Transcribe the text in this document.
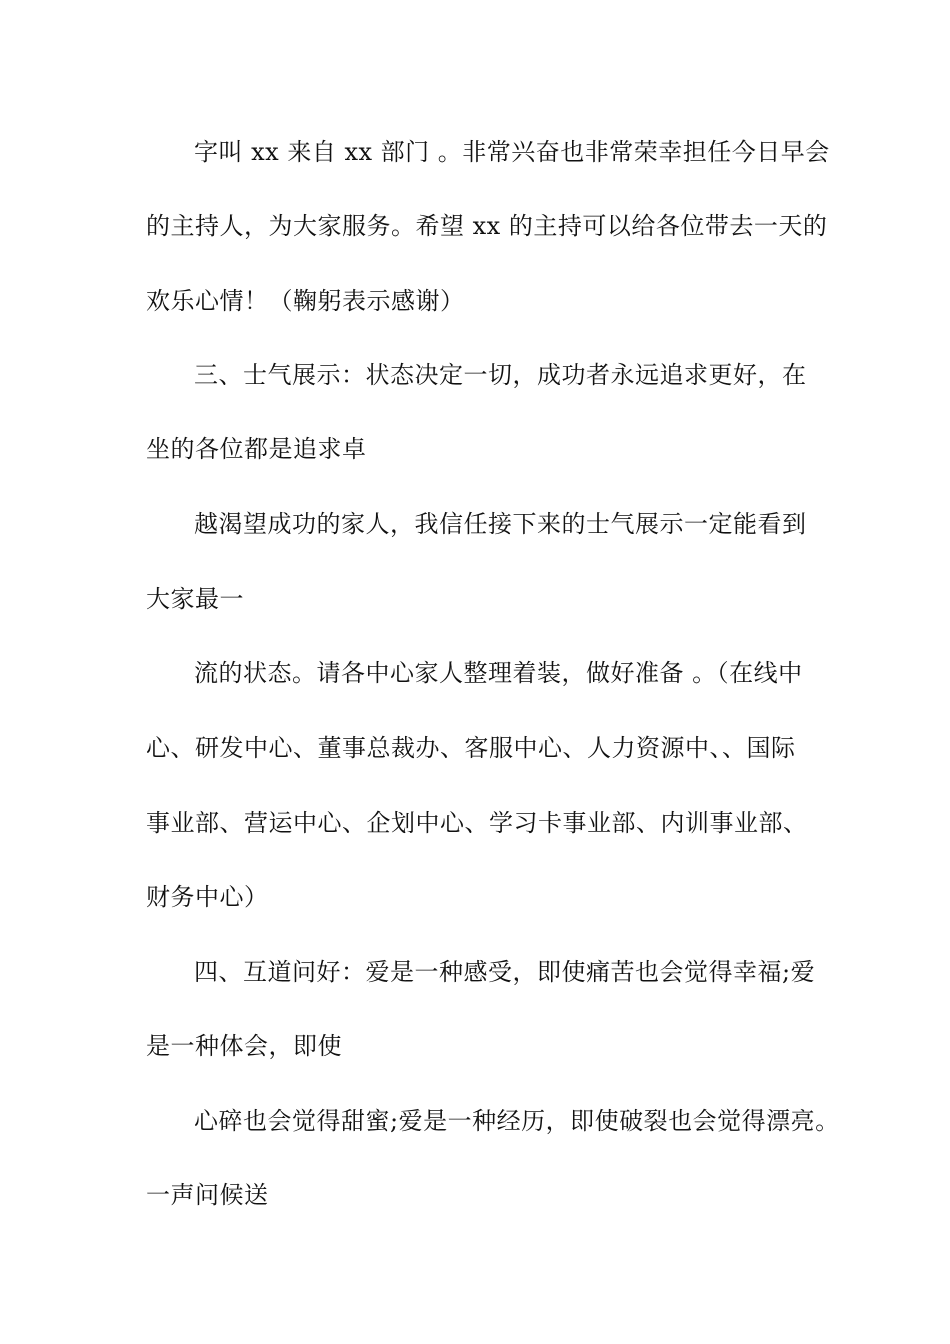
字叫 xx 来自 xx 部门 。非常兴奋也非常荣幸担任今日早会
的主持人，为大家服务。希望 xx 的主持可以给各位带去一天的
欢乐心情！（鞠躬表示感谢）
三、士气展示：状态决定一切，成功者永远追求更好，在
坐的各位都是追求卓
越渴望成功的家人，我信任接下来的士气展示一定能看到
大家最一
流的状态。请各中心家人整理着装，做好准备 。（在线中
心、研发中心、董事总裁办、客服中心、人力资源中、、国际
事业部、营运中心、企划中心、学习卡事业部、内训事业部、
财务中心）
四、互道问好：爱是一种感受，即使痛苦也会觉得幸福;爱
是一种体会，即使
心碎也会觉得甜蜜;爱是一种经历，即使破裂也会觉得漂亮。
一声问候送
